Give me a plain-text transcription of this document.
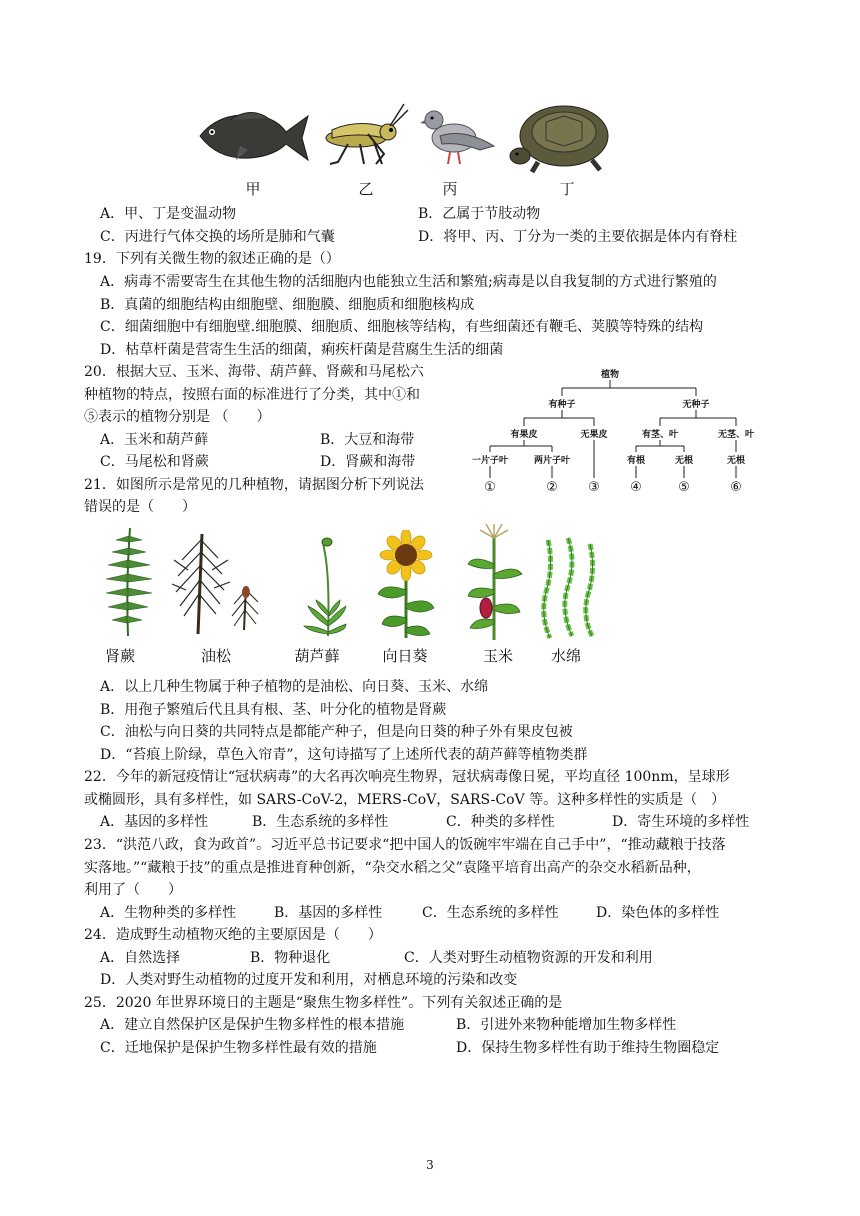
甲	乙	丙	丁
A．甲、丁是变温动物	B．乙属于节肢动物
C．丙进行气体交换的场所是肺和气囊	D．将甲、丙、丁分为一类的主要依据是体内有脊柱
19．下列有关微生物的叙述正确的是（）
A．病毒不需要寄生在其他生物的活细胞内也能独立生活和繁殖;病毒是以自我复制的方式进行繁殖的
B．真菌的细胞结构由细胞壁、细胞膜、细胞质和细胞核构成
C．细菌细胞中有细胞壁.细胞膜、细胞质、细胞核等结构，有些细菌还有鞭毛、荚膜等特殊的结构
D．枯草杆菌是营寄生生活的细菌，痢疾杆菌是营腐生生活的细菌
20．根据大豆、玉米、海带、葫芦藓、肾蕨和马尾松六
种植物的特点，按照右面的标准进行了分类，其中①和
⑤表示的植物分别是 （　　）
A．玉米和葫芦藓	B．大豆和海带
C．马尾松和肾蕨	D．肾蕨和海带
植物
有种子	无种子
有果皮	无果皮	有茎、叶	无茎、叶
一片子叶	两片子叶	有根	无根	无根
①	② ③ ④	⑤	⑥
21．如图所示是常见的几种植物，请据图分析下列说法
错误的是（　　）
肾蕨	油松	葫芦藓	向日葵	玉米	水绵
A．以上几种生物属于种子植物的是油松、向日葵、玉米、水绵
B．用孢子繁殖后代且具有根、茎、叶分化的植物是肾蕨
C．油松与向日葵的共同特点是都能产种子，但是向日葵的种子外有果皮包被
D．“苔痕上阶绿，草色入帘青”，这句诗描写了上述所代表的葫芦藓等植物类群
22．今年的新冠疫情让“冠状病毒”的大名再次响亮生物界，冠状病毒像日冕，平均直径 100nm，呈球形
或椭圆形，具有多样性，如 SARS-CoV-2，MERS-CoV，SARS-CoV 等。这种多样性的实质是（　）
A．基因的多样性	B．生态系统的多样性	C．种类的多样性	D．寄生环境的多样性
23．“洪范八政，食为政首”。习近平总书记要求“把中国人的饭碗牢牢端在自己手中”，“推动藏粮于技落
实落地。”“藏粮于技”的重点是推进育种创新，“杂交水稻之父”袁隆平培育出高产的杂交水稻新品种，
利用了（　　）
A．生物种类的多样性	B．基因的多样性	C．生态系统的多样性	D．染色体的多样性
24．造成野生动植物灭绝的主要原因是（　　）
A．自然选择	B．物种退化	C．人类对野生动植物资源的开发和利用
D．人类对野生动植物的过度开发和利用，对栖息环境的污染和改变
25．2020 年世界环境日的主题是“聚焦生物多样性”。下列有关叙述正确的是
A．建立自然保护区是保护生物多样性的根本措施	B．引进外来物种能增加生物多样性
C．迁地保护是保护生物多样性最有效的措施	D．保持生物多样性有助于维持生物圈稳定
3
